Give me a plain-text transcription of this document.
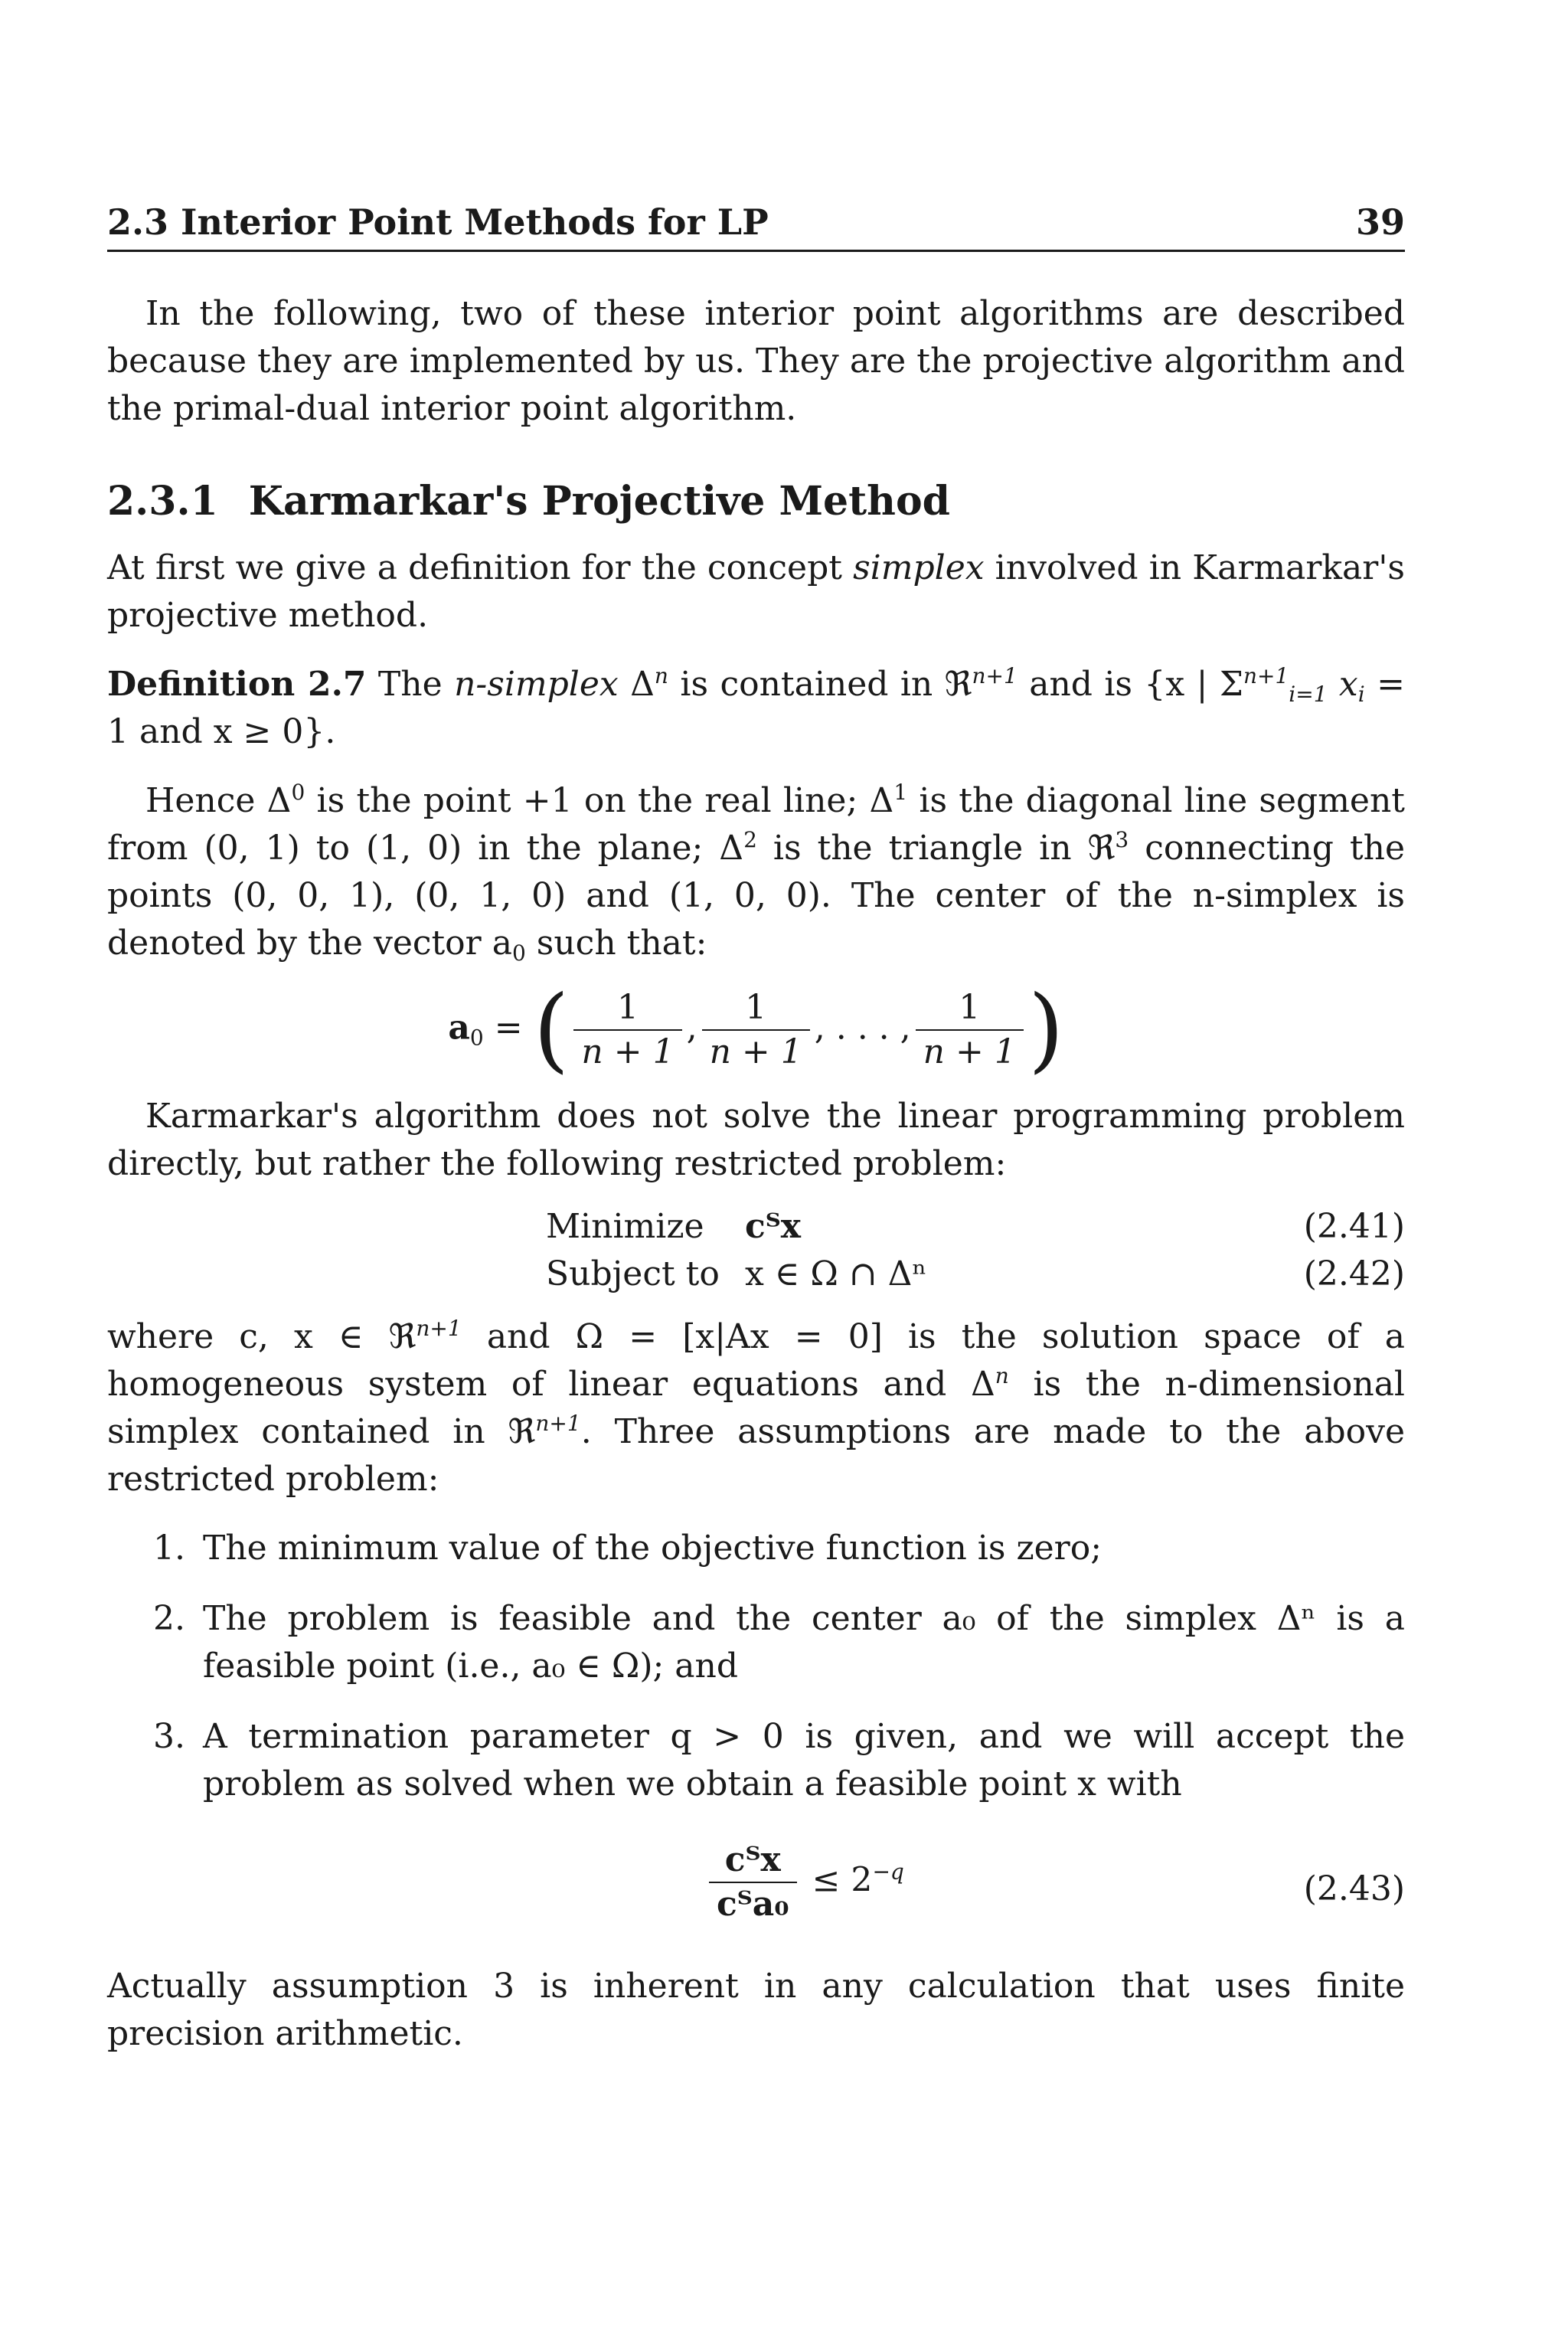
2.3 Interior Point Methods for LP	39

In the following, two of these interior point algorithms are described because they are implemented by us. They are the projective algorithm and the primal-dual interior point algorithm.

2.3.1 Karmarkar's Projective Method

At first we give a definition for the concept simplex involved in Karmarkar's projective method.

Definition 2.7 The n-simplex $\Delta^n$ is contained in ℜ$^{n+1}$ and is {x | $\Sigma^{n+1}_{i=1}$ $x_i = 1$ and x ≥ 0}.

Hence $\Delta^0$ is the point +1 on the real line; $\Delta^1$ is the diagonal line segment from (0, 1) to (1, 0) in the plane; $\Delta^2$ is the triangle in ℜ$^3$ connecting the points (0, 0, 1), (0, 1, 0) and (1, 0, 0). The center of the n-simplex is denoted by the vector $a_0$ such that:

$a_0$ = ( $\frac{1}{n + 1}$ , $\frac{1}{n + 1}$ , . . . , $\frac{1}{n + 1}$ )

Karmarkar's algorithm does not solve the linear programming problem directly, but rather the following restricted problem:

Minimize	cᵀx	(2.41)
Subject to x ∈ Ω ∩ Δⁿ	(2.42)

where c, x ∈ ℜ$^{n+1}$ and Ω = [x|Ax = 0] is the solution space of a homogeneous system of linear equations and $\Delta^n$ is the n-dimensional simplex contained in ℜ$^{n+1}$. Three assumptions are made to the above restricted problem:

1. The minimum value of the objective function is zero;
2. The problem is feasible and the center a₀ of the simplex Δⁿ is a feasible point (i.e., a₀ ∈ Ω); and
3. A termination parameter q > 0 is given, and we will accept the problem as solved when we obtain a feasible point x with
$\frac{\text{cᵀx}}{\text{cᵀa₀}} \le 2^{-q}$	(2.43)

Actually assumption 3 is inherent in any calculation that uses finite precision arithmetic.
